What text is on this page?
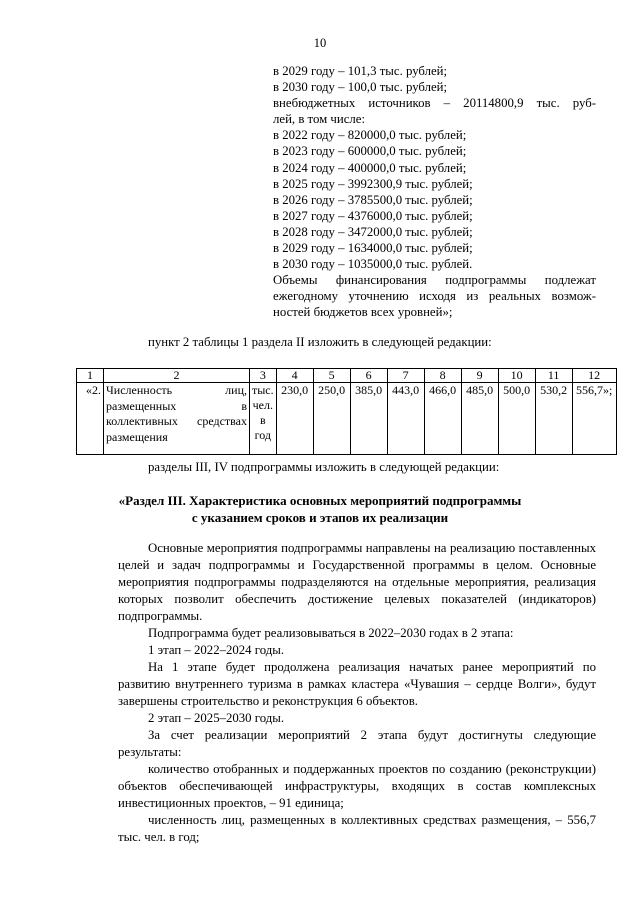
10
в 2029 году – 101,3 тыс. рублей;
в 2030 году – 100,0 тыс. рублей;
внебюджетных источников – 20114800,9 тыс. руб-
лей, в том числе:
в 2022 году – 820000,0 тыс. рублей;
в 2023 году – 600000,0 тыс. рублей;
в 2024 году – 400000,0 тыс. рублей;
в 2025 году – 3992300,9 тыс. рублей;
в 2026 году – 3785500,0 тыс. рублей;
в 2027 году – 4376000,0 тыс. рублей;
в 2028 году – 3472000,0 тыс. рублей;
в 2029 году – 1634000,0 тыс. рублей;
в 2030 году – 1035000,0 тыс. рублей.
Объемы финансирования подпрограммы подлежат
ежегодному уточнению исходя из реальных возмож-
ностей бюджетов всех уровней»;
пункт 2 таблицы 1 раздела II изложить в следующей редакции:
1	2	3	4	5	6	7	8	9	10	11	12
«2.	Численность лиц, размещенных в коллективных средствах размещения	тыс. чел. в год	230,0	250,0	385,0	443,0	466,0	485,0	500,0	530,2	556,7»;
разделы III, IV подпрограммы изложить в следующей редакции:
«Раздел III. Характеристика основных мероприятий подпрограммы
с указанием сроков и этапов их реализации

Основные мероприятия подпрограммы направлены на реализацию поставленных целей и задач подпрограммы и Государственной программы в целом. Основные мероприятия подпрограммы подразделяются на отдельные мероприятия, реализация которых позволит обеспечить достижение целевых показателей (индикаторов) подпрограммы.

Подпрограмма будет реализовываться в 2022–2030 годах в 2 этапа:

1 этап – 2022–2024 годы.

На 1 этапе будет продолжена реализация начатых ранее мероприятий по развитию внутреннего туризма в рамках кластера «Чувашия – сердце Волги», будут завершены строительство и реконструкция 6 объектов.

2 этап – 2025–2030 годы.

За счет реализации мероприятий 2 этапа будут достигнуты следующие результаты:

количество отобранных и поддержанных проектов по созданию (реконструкции) объектов обеспечивающей инфраструктуры, входящих в состав комплексных инвестиционных проектов, – 91 единица;

численность лиц, размещенных в коллективных средствах размещения, – 556,7 тыс. чел. в год;
